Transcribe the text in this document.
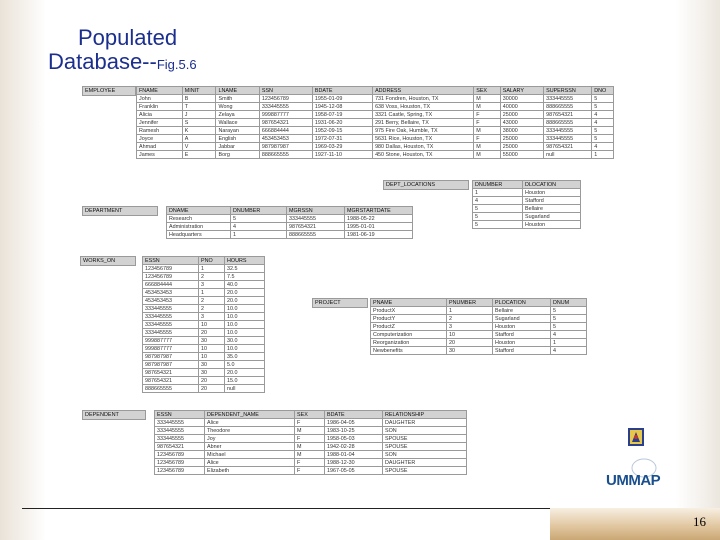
Populated
Database--Fig.5.6
FNAME	MINIT	LNAME	SSN	BDATE	ADDRESS	SEX	SALARY	SUPERSSN	DNO
John	B	Smith	123456789	1955-01-09	731 Fondren, Houston, TX	M	30000	333445555	5
Franklin	T	Wong	333445555	1945-12-08	638 Voss, Houston, TX	M	40000	888665555	5
Alicia	J	Zelaya	999887777	1958-07-19	3321 Castle, Spring, TX	F	25000	987654321	4
Jennifer	S	Wallace	987654321	1931-06-20	291 Berry, Bellaire, TX	F	43000	888665555	4
Ramesh	K	Narayan	666884444	1952-09-15	975 Fire Oak, Humble, TX	M	38000	333445555	5
Joyce	A	English	453453453	1972-07-31	5631 Rice, Houston, TX	F	25000	333445555	5
Ahmad	V	Jabbar	987987987	1969-03-29	980 Dallas, Houston, TX	M	25000	987654321	4
James	E	Borg	888665555	1927-11-10	450 Stone, Houston, TX	M	55000	null	1
EMPLOYEE
DEPT_LOCATIONS	DNUMBER	DLOCATION
1	Houston
4	Stafford
5	Bellaire
5	Sugarland
5	Houston
DEPARTMENT	DNAME	DNUMBER	MGRSSN	MGRSTARTDATE
Research	5	333445555	1988-05-22
Administration	4	987654321	1995-01-01
Headquarters	1	888665555	1981-06-19
WORKS_ON	ESSN	PNO	HOURS
123456789	1	32.5
123456789	2	7.5
666884444	3	40.0
453453453	1	20.0
453453453	2	20.0
333445555	2	10.0
333445555	3	10.0
333445555	10	10.0
333445555	20	10.0
999887777	30	30.0
999887777	10	10.0
987987987	10	35.0
987987987	30	5.0
987654321	30	20.0
987654321	20	15.0
888665555	20	null
PROJECT	PNAME	PNUMBER	PLOCATION	DNUM
ProductX	1	Bellaire	5
ProductY	2	Sugarland	5
ProductZ	3	Houston	5
Computerization	10	Stafford	4
Reorganization	20	Houston	1
Newbenefits	30	Stafford	4
DEPENDENT	ESSN	DEPENDENT_NAME	SEX	BDATE	RELATIONSHIP
333445555	Alice	F	1986-04-05	DAUGHTER
333445555	Theodore	M	1983-10-25	SON
333445555	Joy	F	1958-05-03	SPOUSE
987654321	Abner	M	1942-02-28	SPOUSE
123456789	Michael	M	1988-01-04	SON
123456789	Alice	F	1988-12-30	DAUGHTER
123456789	Elizabeth	F	1967-05-05	SPOUSE
UMMAP
16
